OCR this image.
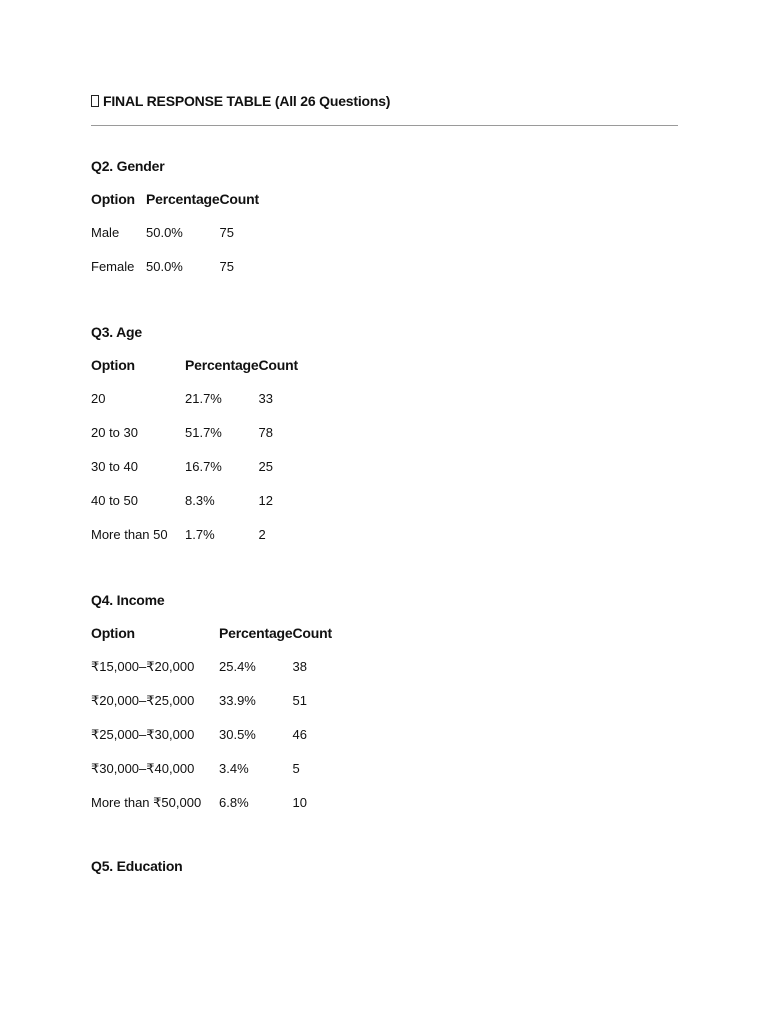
FINAL RESPONSE TABLE (All 26 Questions)
Q2. Gender
Option	Percentage	Count
Male	50.0%	75
Female	50.0%	75
Q3. Age
Option	Percentage	Count
20	21.7%	33
20 to 30	51.7%	78
30 to 40	16.7%	25
40 to 50	8.3%	12
More than 50	1.7%	2
Q4. Income
Option	Percentage	Count
₹15,000–₹20,000	25.4%	38
₹20,000–₹25,000	33.9%	51
₹25,000–₹30,000	30.5%	46
₹30,000–₹40,000	3.4%	5
More than ₹50,000	6.8%	10
Q5. Education
